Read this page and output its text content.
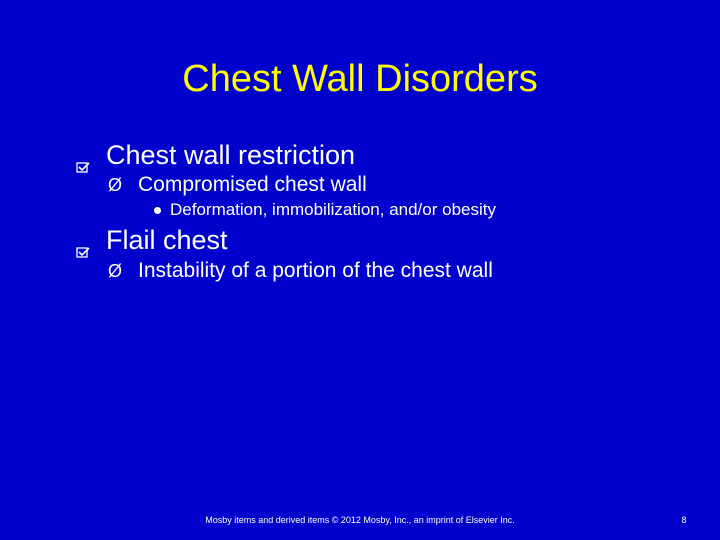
Chest Wall Disorders
Chest wall restriction
Ø Compromised chest wall
Deformation, immobilization, and/or obesity
Flail chest
Ø Instability of a portion of the chest wall
Mosby items and derived items © 2012 Mosby, Inc., an imprint of Elsevier Inc.	8
